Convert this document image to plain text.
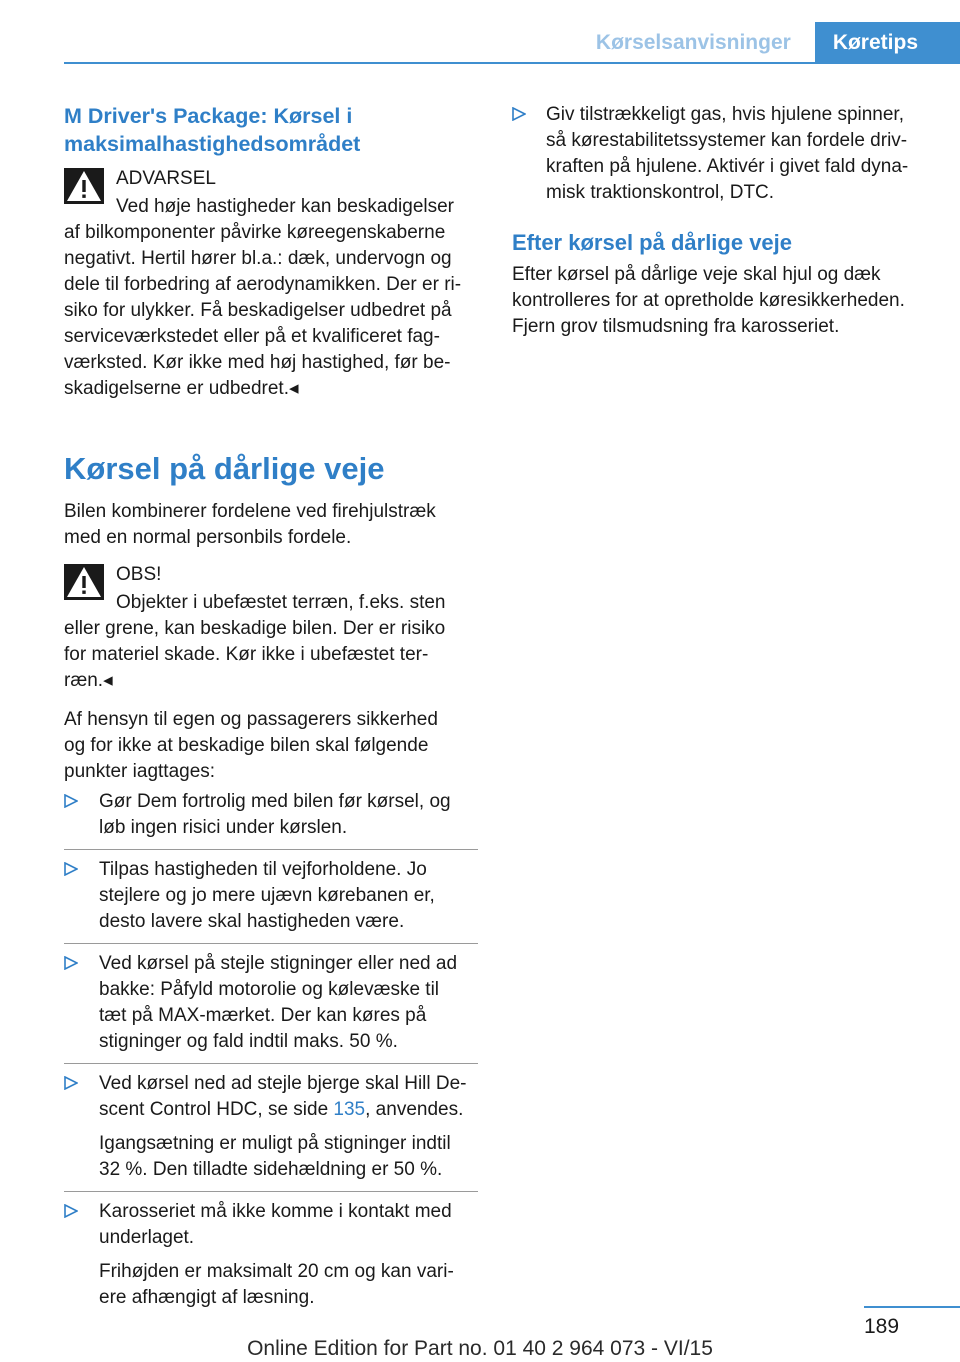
Kørselsanvisninger	Køretips

M Driver's Package: Kørsel i

maksimalhastighedsområdet

ADVARSEL

Ved høje hastigheder kan beskadigelser

af bilkomponenter påvirke køreegenskaberne

negativt. Hertil hører bl.a.: dæk, undervogn og

dele til forbedring af aerodynamikken. Der er ri-

siko for ulykker. Få beskadigelser udbedret på

serviceværkstedet eller på et kvalificeret fag-

værksted. Kør ikke med høj hastighed, før be-

skadigelserne er udbedret.◂

Kørsel på dårlige veje

Bilen kombinerer fordelene ved firehjulstræk

med en normal personbils fordele.

OBS!

Objekter i ubefæstet terræn, f.eks. sten

eller grene, kan beskadige bilen. Der er risiko

for materiel skade. Kør ikke i ubefæstet ter-

ræn.◂

Af hensyn til egen og passagerers sikkerhed

og for ikke at beskadige bilen skal følgende

punkter iagttages:

Gør Dem fortrolig med bilen før kørsel, og

løb ingen risici under kørslen.

Tilpas hastigheden til vejforholdene. Jo

stejlere og jo mere ujævn kørebanen er,

desto lavere skal hastigheden være.

Ved kørsel på stejle stigninger eller ned ad

bakke: Påfyld motorolie og kølevæske til

tæt på MAX-mærket. Der kan køres på

stigninger og fald indtil maks. 50 %.

Ved kørsel ned ad stejle bjerge skal Hill De-

scent Control HDC, se side 135, anvendes.

Igangsætning er muligt på stigninger indtil

32 %. Den tilladte sidehældning er 50 %.

Karosseriet må ikke komme i kontakt med

underlaget.

Frihøjden er maksimalt 20 cm og kan vari-

ere afhængigt af læsning.

Giv tilstrækkeligt gas, hvis hjulene spinner,

så kørestabilitetssystemer kan fordele driv-

kraften på hjulene. Aktivér i givet fald dyna-

misk traktionskontrol, DTC.

Efter kørsel på dårlige veje

Efter kørsel på dårlige veje skal hjul og dæk

kontrolleres for at opretholde køresikkerheden.

Fjern grov tilsmudsning fra karosseriet.

189
Online Edition for Part no. 01 40 2 964 073 - VI/15
